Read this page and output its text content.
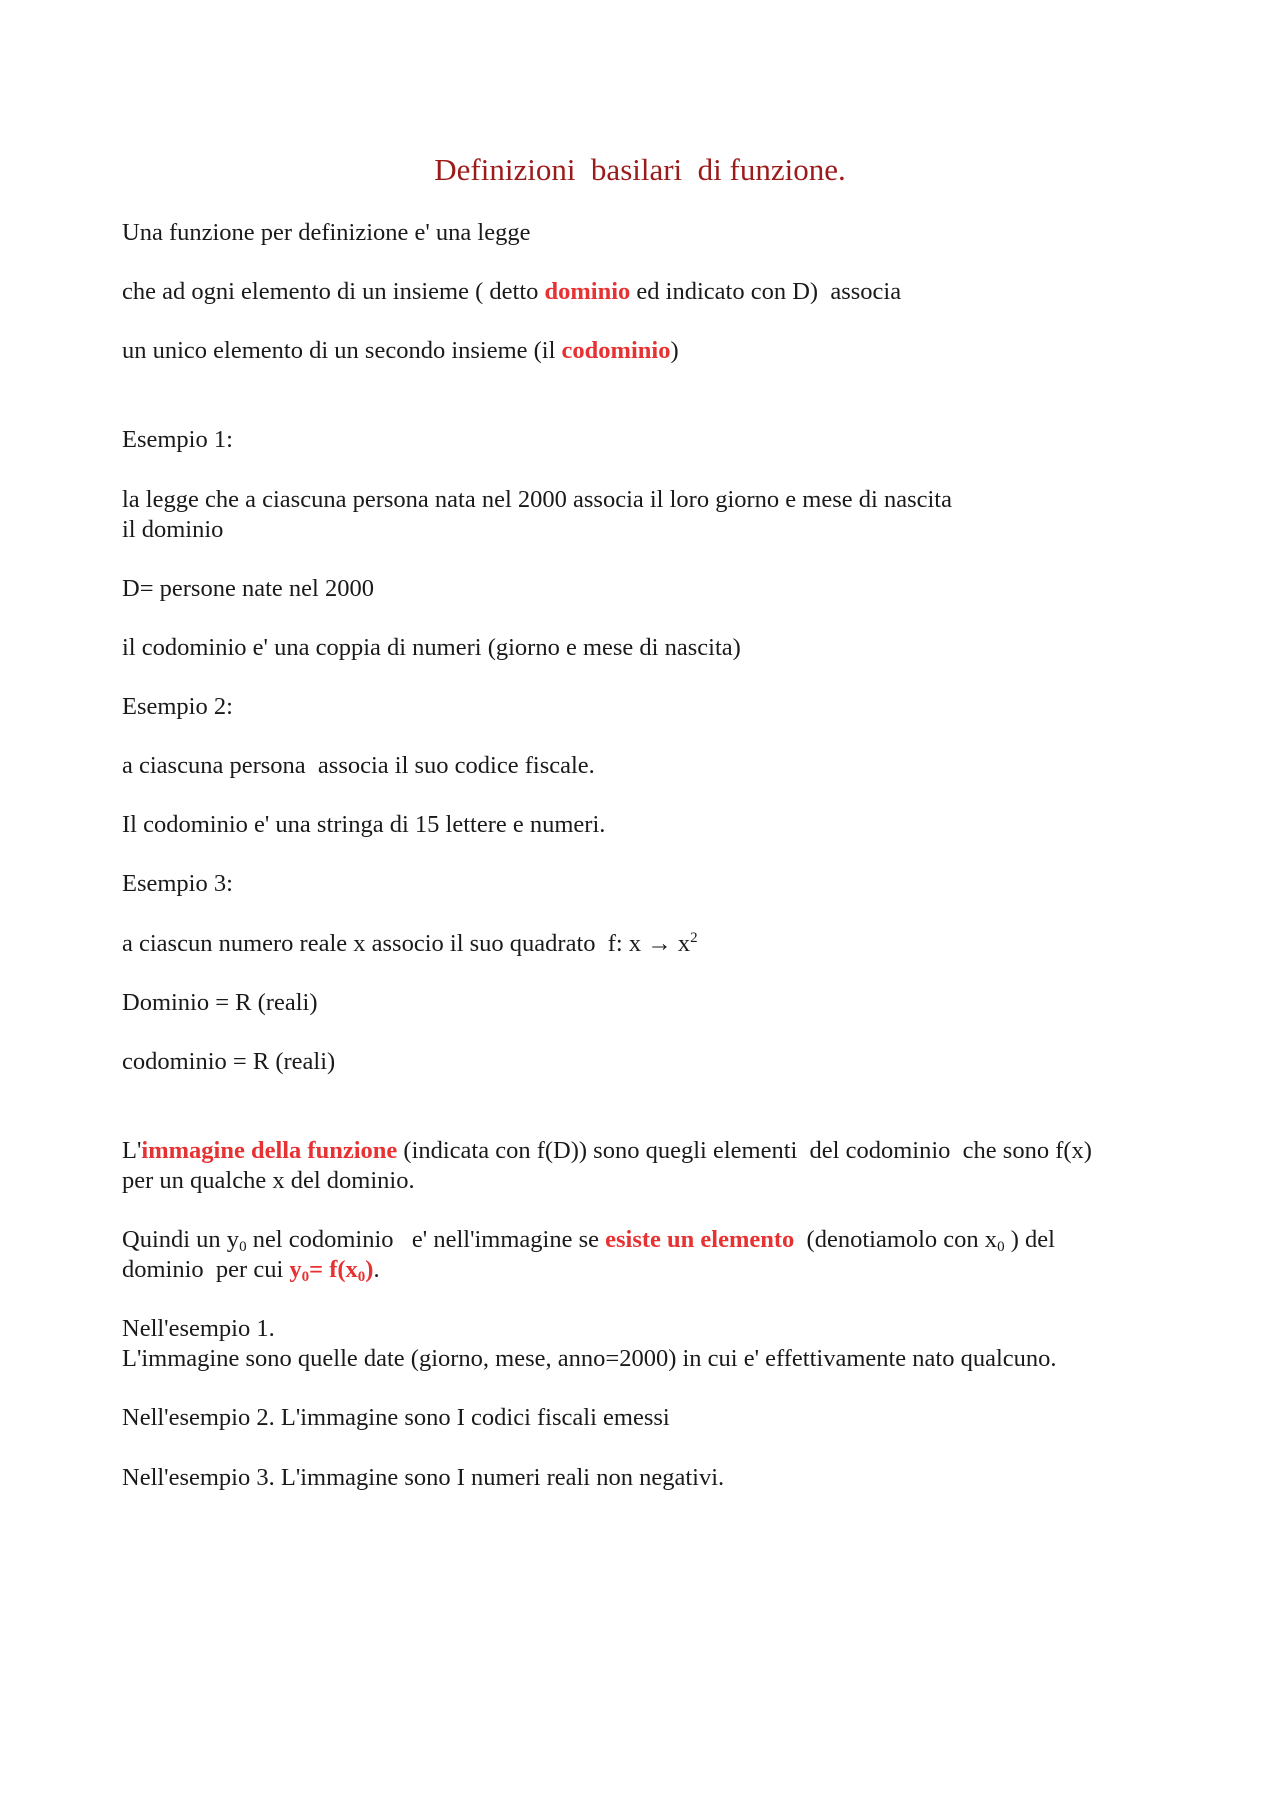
Definizioni  basilari  di funzione.
Una funzione per definizione e' una legge
che ad ogni elemento di un insieme ( detto dominio ed indicato con D)  associa
un unico elemento di un secondo insieme (il codominio)
Esempio 1:
la legge che a ciascuna persona nata nel 2000 associa il loro giorno e mese di nascita
il dominio
D= persone nate nel 2000
il codominio e' una coppia di numeri (giorno e mese di nascita)
Esempio 2:
a ciascuna persona  associa il suo codice fiscale.
Il codominio e' una stringa di 15 lettere e numeri.
Esempio 3:
a ciascun numero reale x associo il suo quadrato  f: $x \to x^2$
Dominio = R (reali)
codominio = R (reali)
L'immagine della funzione (indicata con f(D)) sono quegli elementi  del codominio  che sono f(x)
per un qualche x del dominio.
Quindi un $y_0$ nel codominio   e' nell'immagine se esiste un elemento  (denotiamolo con $x_0$ ) del
dominio  per cui $y_0= f(x_0)$.
Nell'esempio 1.
L'immagine sono quelle date (giorno, mese, anno=2000) in cui e' effettivamente nato qualcuno.
Nell'esempio 2. L'immagine sono I codici fiscali emessi
Nell'esempio 3. L'immagine sono I numeri reali non negativi.
